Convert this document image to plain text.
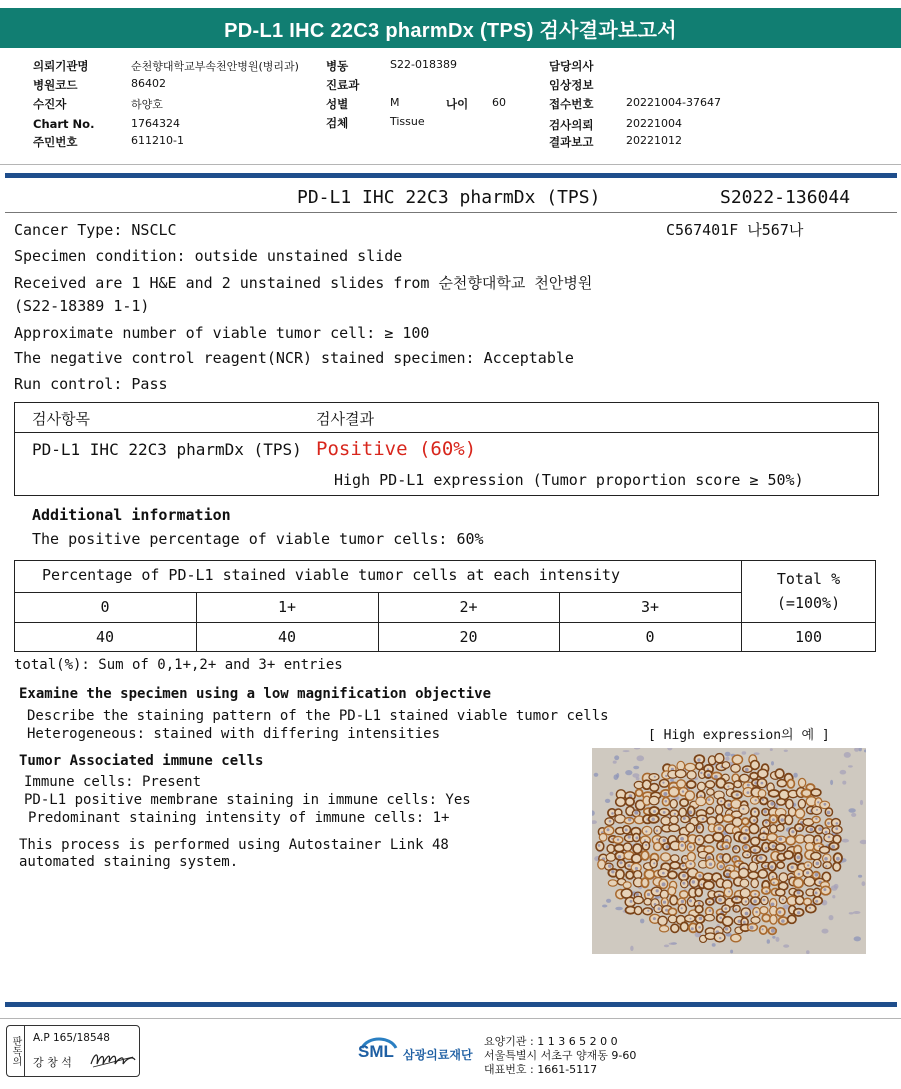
PD-L1 IHC 22C3 pharmDx (TPS) 검사결과보고서
의뢰기관명	순천향대학교부속천안병원(병리과)
병원코드	86402
수진자	하양호
Chart No.	1764324
주민번호	611210-1
병동	S22-018389
진료과
성별	M	나이 60
검체	Tissue
담당의사
임상정보
접수번호	20221004-37647
검사의뢰	20221004
결과보고	20221012
PD-L1 IHC 22C3 pharmDx (TPS)	S2022-136044
C567401F 나567나
Cancer Type: NSCLC
Specimen condition: outside unstained slide
Received are 1 H&E and 2 unstained slides from 순천향대학교 천안병원
(S22-18389 1-1)
Approximate number of viable tumor cell: ≥ 100
The negative control reagent(NCR) stained specimen: Acceptable
Run control: Pass
검사항목	검사결과
PD-L1 IHC 22C3 pharmDx (TPS) Positive (60%)
High PD-L1 expression (Tumor proportion score ≥ 50%)
Additional information
The positive percentage of viable tumor cells: 60%
Percentage of PD-L1 stained viable tumor cells at each intensity	Total %
(=100%)
0	1+	2+	3+
40	40	20	0	100
total(%): Sum of 0,1+,2+ and 3+ entries
Examine the specimen using a low magnification objective
Describe the staining pattern of the PD-L1 stained viable tumor cells
Heterogeneous: stained with differing intensities	[ High expression의 예 ]
Tumor Associated immune cells
Immune cells: Present
PD-L1 positive membrane staining in immune cells: Yes
Predominant staining intensity of immune cells: 1+
This process is performed using Autostainer Link 48
automated staining system.
판독의	A.P 165/18548
강 창 석
SML 삼광의료재단
요양기관 : 1 1 3 6 5 2 0 0
서울특별시 서초구 양재동 9-60
대표번호 : 1661-5117
